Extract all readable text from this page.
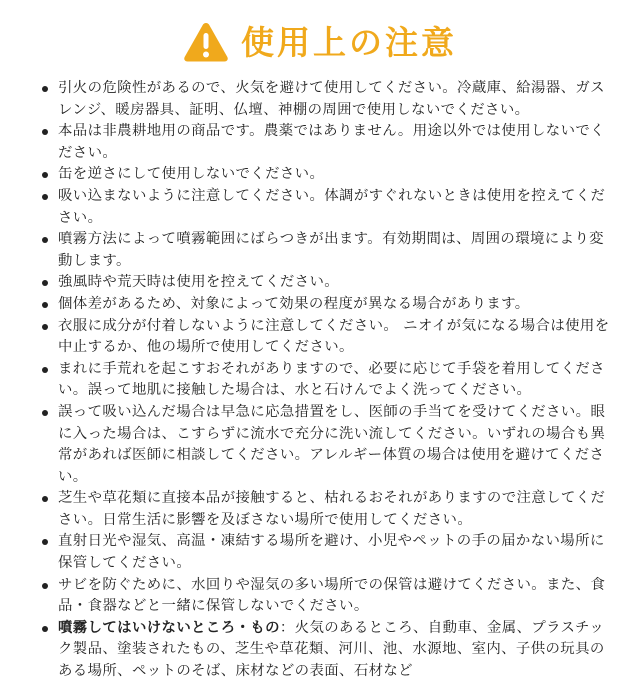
使用上の注意
引火の危険性があるので、火気を避けて使用してください。冷蔵庫、給湯器、ガスレンジ、暖房器具、証明、仏壇、神棚の周囲で使用しないでください。
本品は非農耕地用の商品です。農薬ではありません。用途以外では使用しないでください。
缶を逆さにして使用しないでください。
吸い込まないように注意してください。体調がすぐれないときは使用を控えてください。
噴霧方法によって噴霧範囲にばらつきが出ます。有効期間は、周囲の環境により変動します。
強風時や荒天時は使用を控えてください。
個体差があるため、対象によって効果の程度が異なる場合があります。
衣服に成分が付着しないように注意してください。 ニオイが気になる場合は使用を中止するか、他の場所で使用してください。
まれに手荒れを起こすおそれがありますので、必要に応じて手袋を着用してください。誤って地肌に接触した場合は、水と石けんでよく洗ってください。
誤って吸い込んだ場合は早急に応急措置をし、医師の手当てを受けてください。眼に入った場合は、こすらずに流水で充分に洗い流してください。いずれの場合も異常があれば医師に相談してください。アレルギー体質の場合は使用を避けてください。
芝生や草花類に直接本品が接触すると、枯れるおそれがありますので注意してください。日常生活に影響を及ぼさない場所で使用してください。
直射日光や湿気、高温・凍結する場所を避け、小児やペットの手の届かない場所に保管してください。
サビを防ぐために、水回りや湿気の多い場所での保管は避けてください。また、食品・食器などと一緒に保管しないでください。
噴霧してはいけないところ・もの：火気のあるところ、自動車、金属、プラスチック製品、塗装されたもの、芝生や草花類、河川、池、水源地、室内、子供の玩具のある場所、ペットのそば、床材などの表面、石材など
